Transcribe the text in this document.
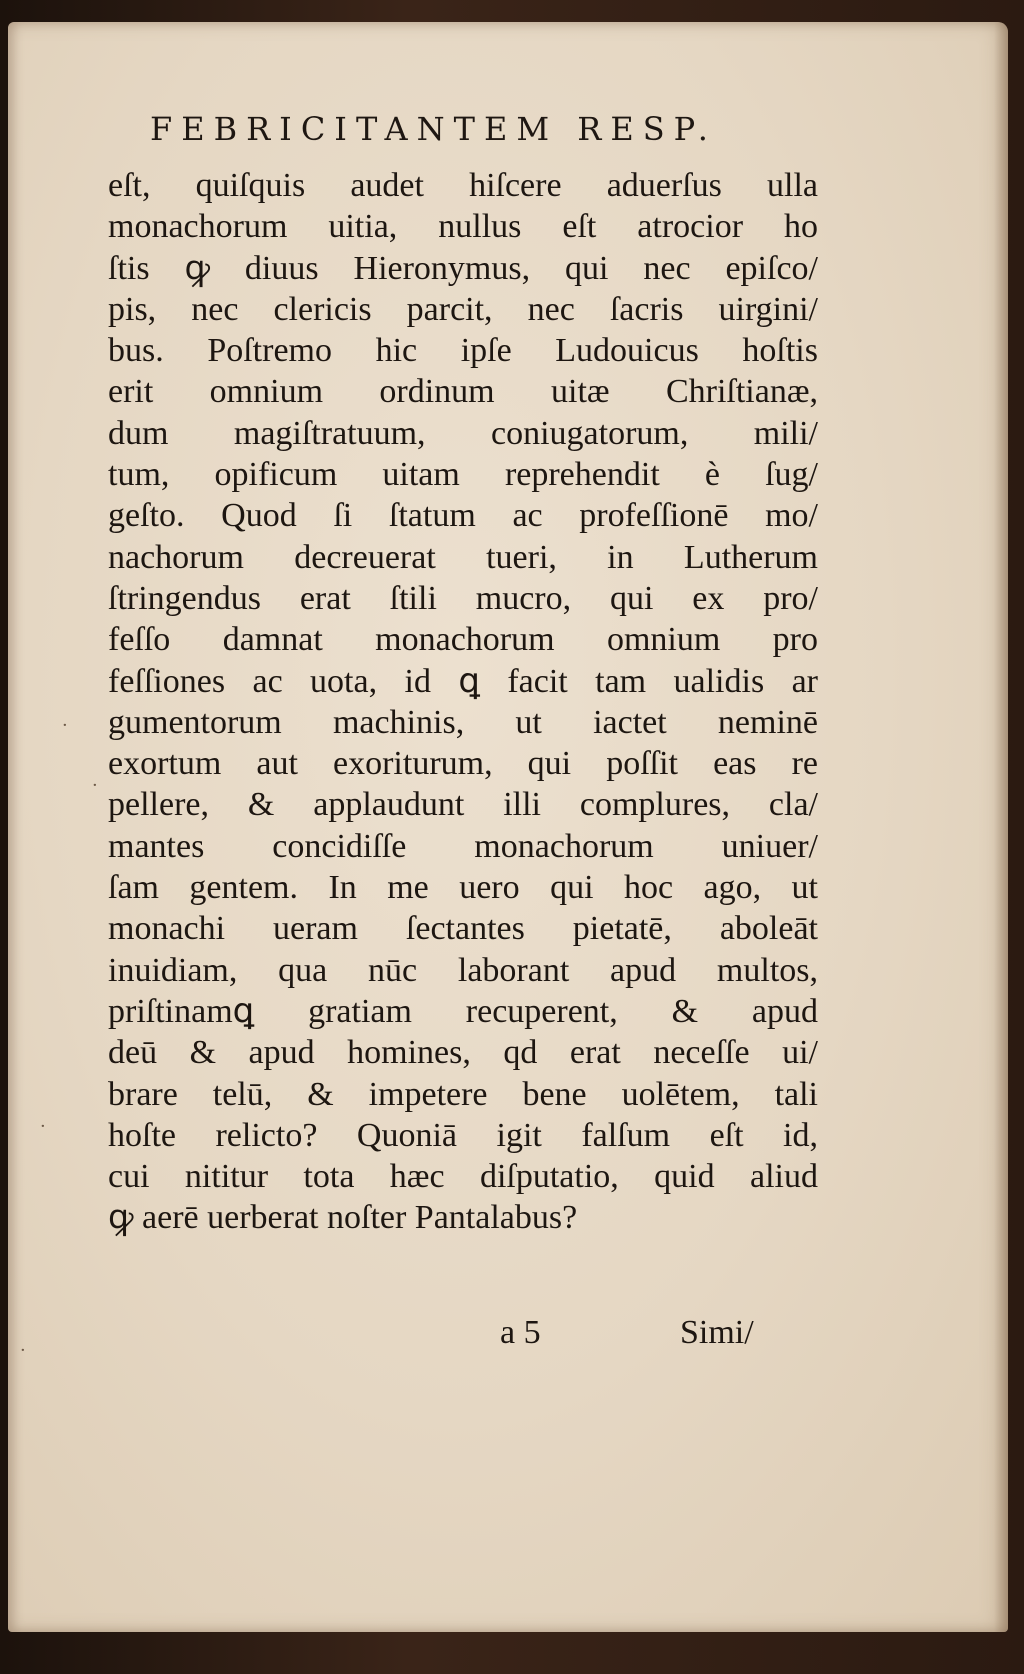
FEBRICITANTEM RESP.
eſt, quiſquis audet hiſcere aduerſus ulla
monachorum uitia, nullus eſt atrocior ho
ſtis ꝙ diuus Hieronymus, qui nec epiſco/
pis, nec clericis parcit, nec ſacris uirgini/
bus. Poſtremo hic ipſe Ludouicus hoſtis
erit omnium ordinum uitæ Chriſtianæ,
dum magiſtratuum, coniugatorum, mili/
tum, opificum uitam reprehendit è ſug/
geſto. Quod ſi ſtatum ac profeſſionē mo/
nachorum decreuerat tueri, in Lutherum
ſtringendus erat ſtili mucro, qui ex pro/
feſſo damnat monachorum omnium pro
feſſiones ac uota, id ꝗ facit tam ualidis ar
gumentorum machinis, ut iactet neminē
exortum aut exoriturum, qui poſſit eas re
pellere, & applaudunt illi complures, cla/
mantes concidiſſe monachorum uniuer/
ſam gentem. In me uero qui hoc ago, ut
monachi ueram ſectantes pietatē, aboleāt
inuidiam, qua nūc laborant apud multos,
priſtinamꝗ gratiam recuperent, & apud
deū & apud homines, qd erat neceſſe ui/
brare telū, & impetere bene uolētem, tali
hoſte relicto? Quoniā igit falſum eſt id,
cui nititur tota hæc diſputatio, quid aliud
ꝙ aerē uerberat noſter Pantalabus?
a 5	Simi/
·
·
·
·
